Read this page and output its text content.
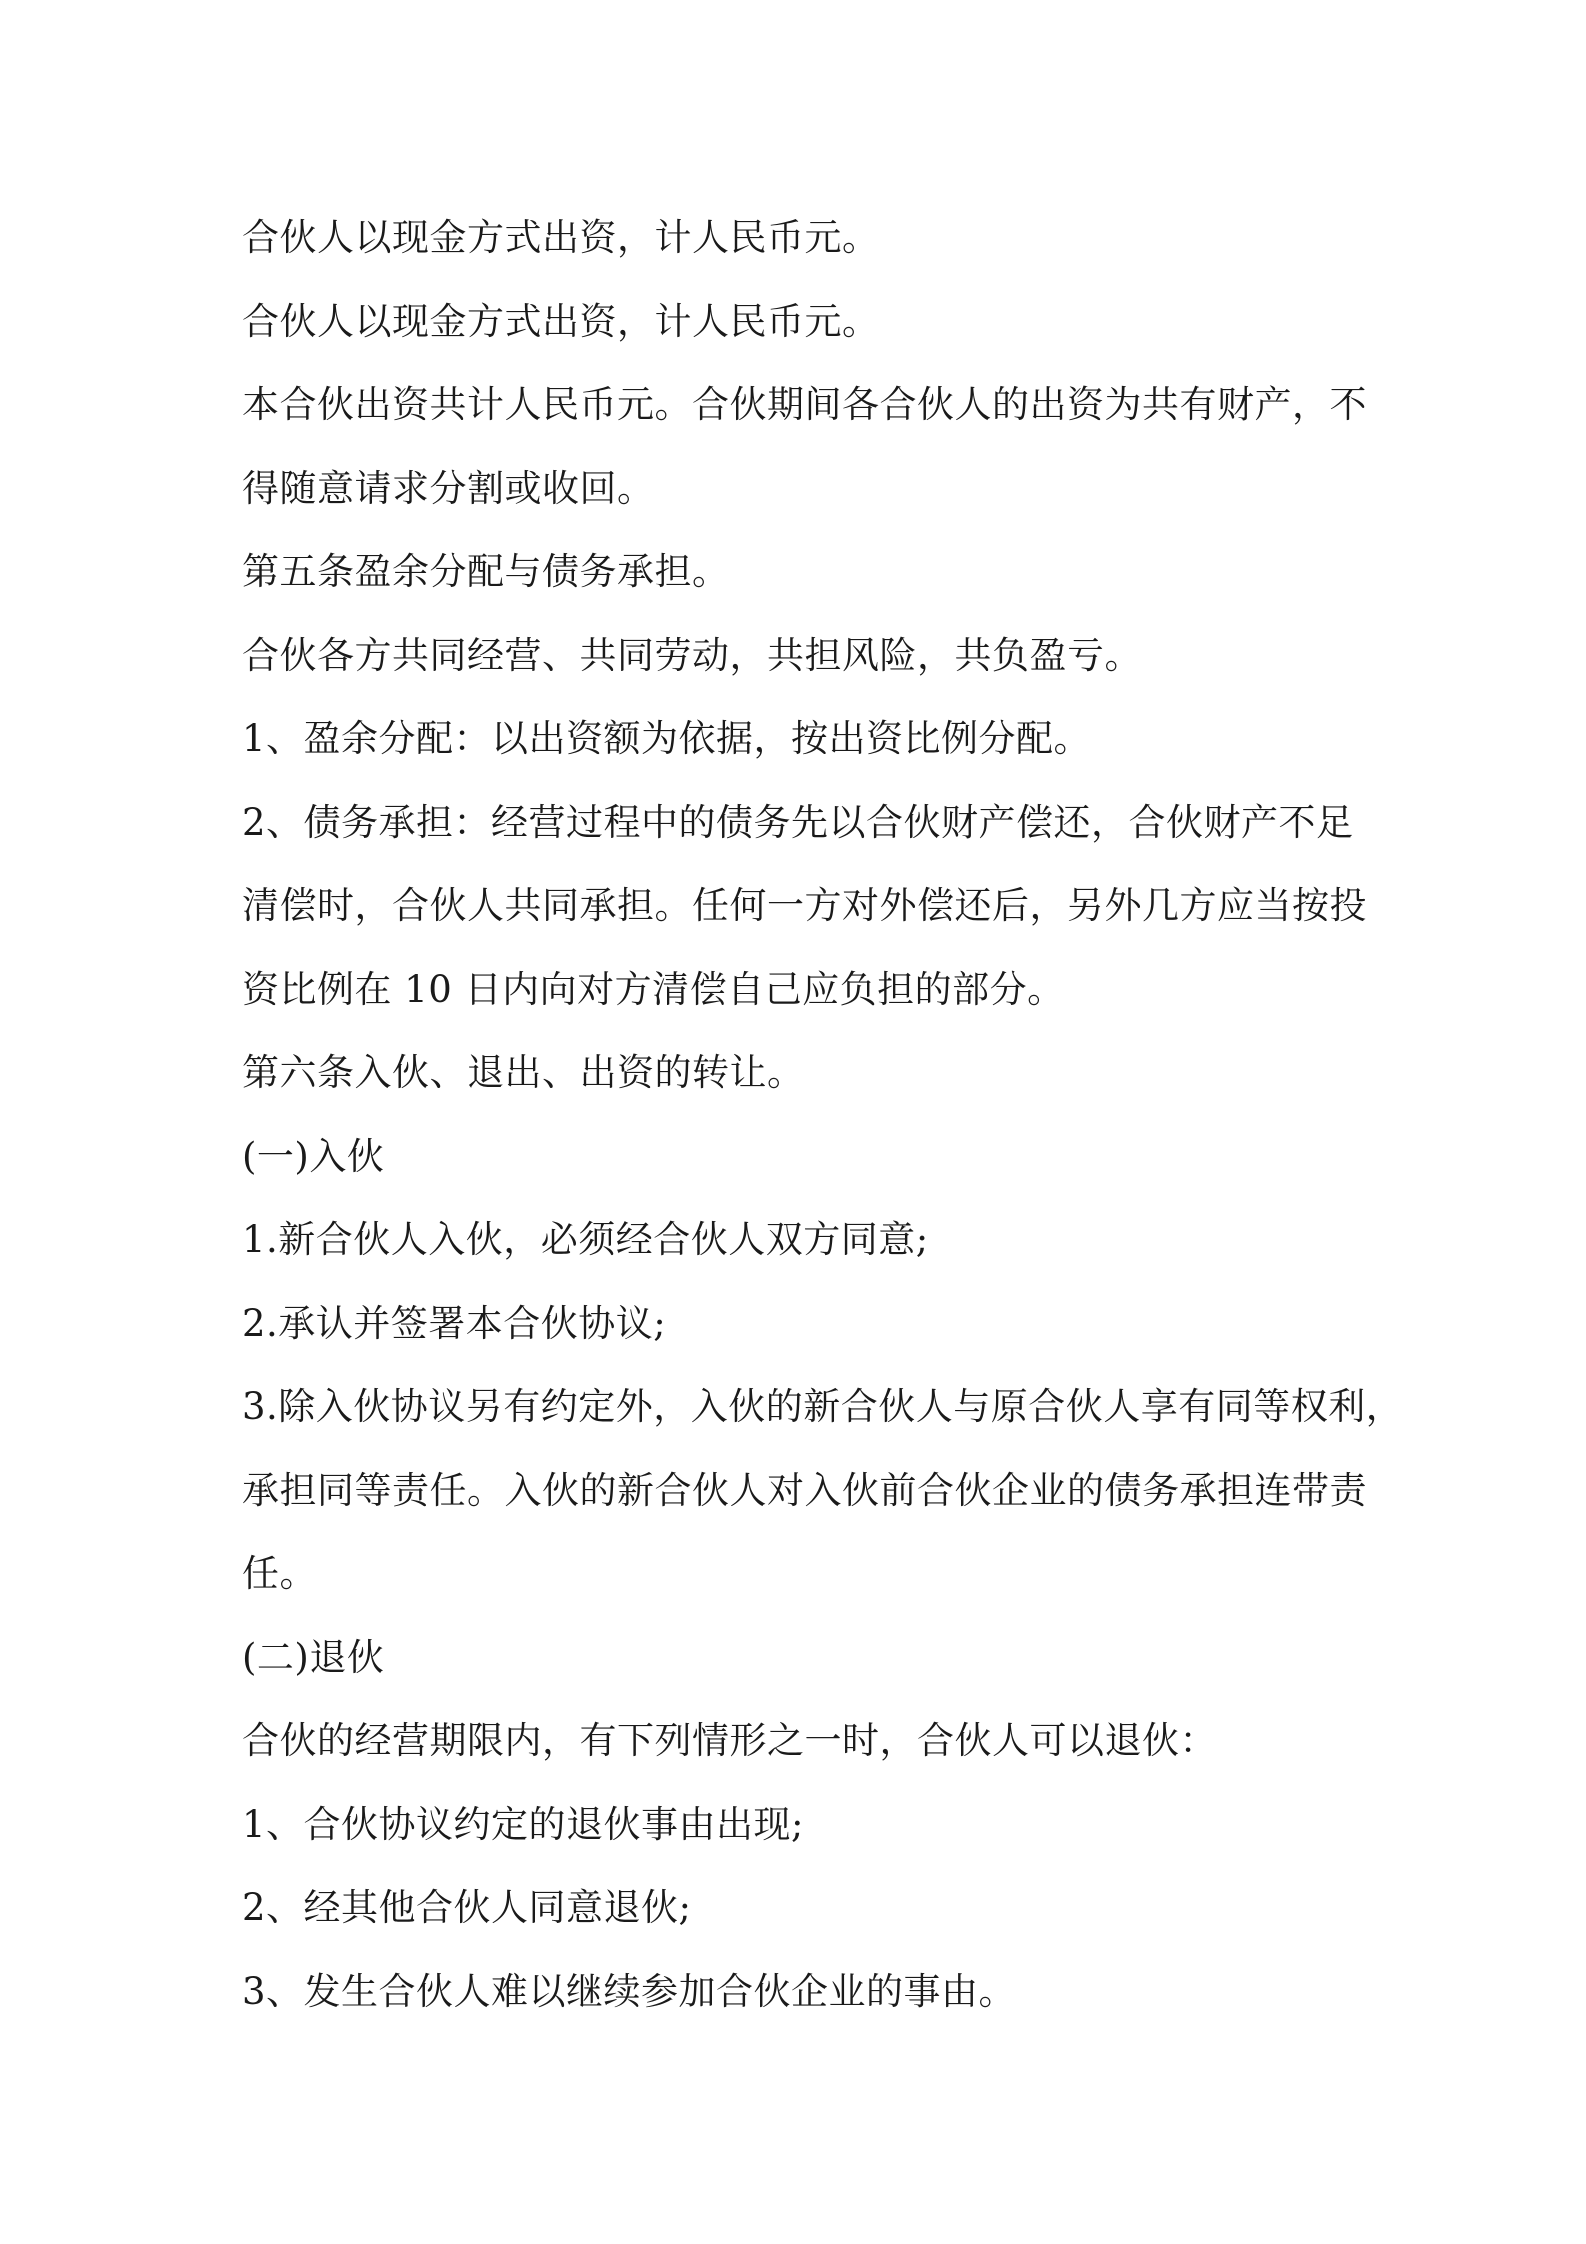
合伙人以现金方式出资，计人民币元。
合伙人以现金方式出资，计人民币元。
本合伙出资共计人民币元。合伙期间各合伙人的出资为共有财产，不
得随意请求分割或收回。
第五条盈余分配与债务承担。
合伙各方共同经营、共同劳动，共担风险，共负盈亏。
1、盈余分配：以出资额为依据，按出资比例分配。
2、债务承担：经营过程中的债务先以合伙财产偿还，合伙财产不足
清偿时，合伙人共同承担。任何一方对外偿还后，另外几方应当按投
资比例在 10 日内向对方清偿自己应负担的部分。
第六条入伙、退出、出资的转让。
(一)入伙
1.新合伙人入伙，必须经合伙人双方同意;
2.承认并签署本合伙协议;
3.除入伙协议另有约定外，入伙的新合伙人与原合伙人享有同等权利，
承担同等责任。入伙的新合伙人对入伙前合伙企业的债务承担连带责
任。
(二)退伙
合伙的经营期限内，有下列情形之一时，合伙人可以退伙：
1、合伙协议约定的退伙事由出现;
2、经其他合伙人同意退伙;
3、发生合伙人难以继续参加合伙企业的事由。
